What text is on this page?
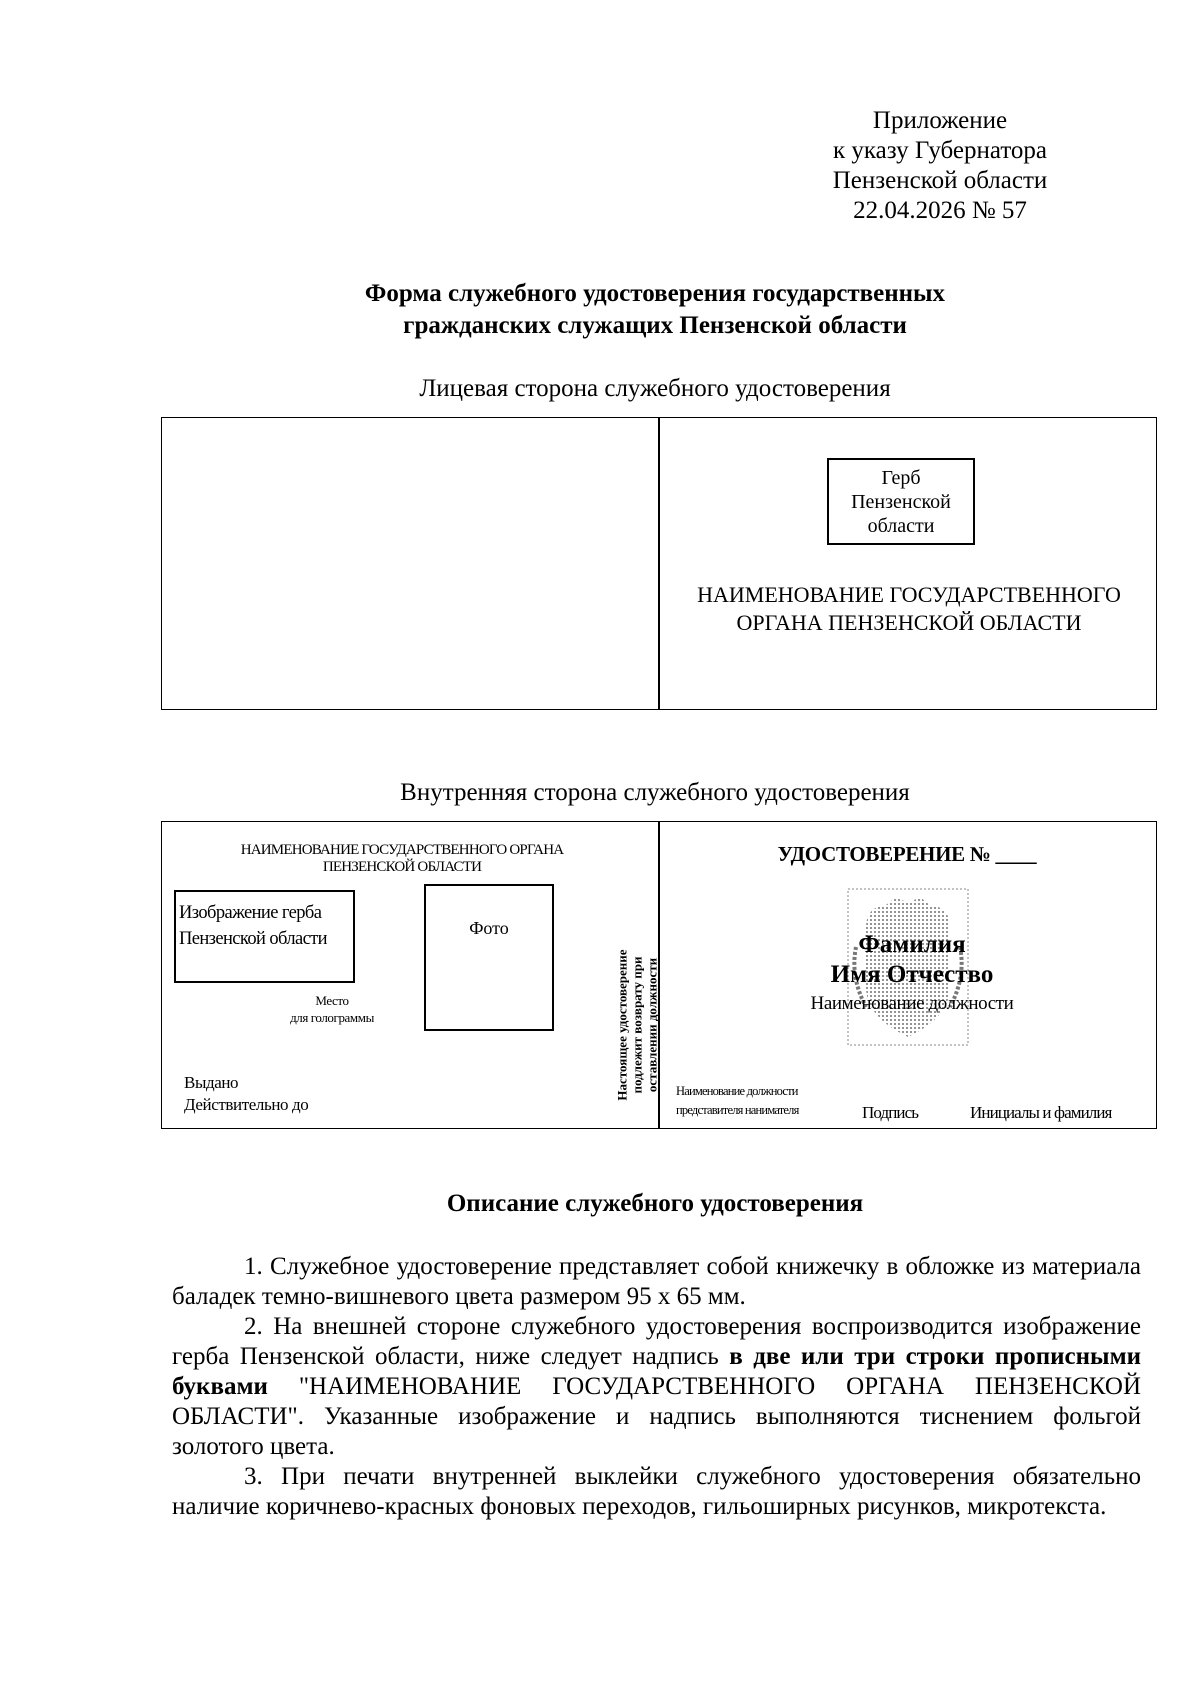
Приложение
к указу Губернатора
Пензенской области
22.04.2026 № 57
Форма служебного удостоверения государственных
гражданских служащих Пензенской области
Лицевая сторона служебного удостоверения
Герб
Пензенской
области
НАИМЕНОВАНИЕ ГОСУДАРСТВЕННОГО
ОРГАНА ПЕНЗЕНСКОЙ ОБЛАСТИ
Внутренняя сторона служебного удостоверения
НАИМЕНОВАНИЕ ГОСУДАРСТВЕННОГО ОРГАНА
ПЕНЗЕНСКОЙ ОБЛАСТИ
Изображение герба
Пензенской области
Фото
Место
для голограммы	Настоящее удостоверение подлежит возврату при оставлении должности
Выдано
Действительно до
УДОСТОВЕРЕНИЕ № ____
Фамилия
Имя Отчество
Наименование должности
Наименование должности
представителя нанимателя	Подпись	Инициалы и фамилия
Описание служебного удостоверения

1. Служебное удостоверение представляет собой книжечку в обложке из материала баладек темно-вишневого цвета размером 95 х 65 мм.

2. На внешней стороне служебного удостоверения воспроизводится изображение герба Пензенской области, ниже следует надпись в две или три строки прописными буквами "НАИМЕНОВАНИЕ ГОСУДАРСТВЕННОГО ОРГАНА ПЕНЗЕНСКОЙ ОБЛАСТИ". Указанные изображение и надпись выполняются тиснением фольгой золотого цвета.

3. При печати внутренней выклейки служебного удостоверения обязательно наличие коричнево-красных фоновых переходов, гильоширных рисунков, микротекста.
